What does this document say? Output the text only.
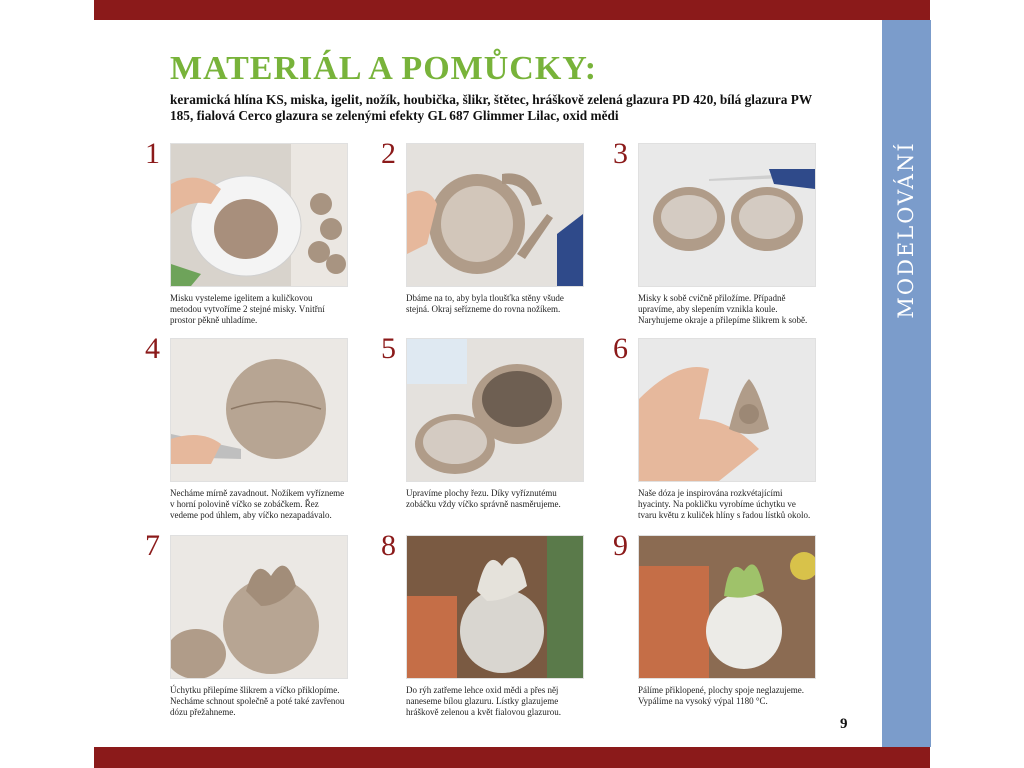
MODELOVÁNÍ
MATERIÁL A POMŮCKY:

keramická hlína KS, miska, igelit, nožík, houbička, šlikr, štětec, hráškově zelená glazura PD 420, bílá glazura PW 185, fialová Cerco glazura se zelenými efekty GL 687 Glimmer Lilac, oxid mědi

1
Misku vysteleme igelitem a kuličkovou metodou vytvoříme 2 stejné misky. Vnitřní prostor pěkně uhladíme.
2
Dbáme na to, aby byla tloušťka stěny všude stejná. Okraj seřízneme do rovna nožíkem.
3
Misky k sobě cvičně přiložíme. Případně upravíme, aby slepením vznikla koule. Naryhujeme okraje a přilepíme šlikrem k sobě.
4
Necháme mírně zavadnout. Nožíkem vyřízneme v horní polovině víčko se zobáčkem. Řez vedeme pod úhlem, aby víčko nezapadávalo.
5
Upravíme plochy řezu. Díky vyříznutému zobáčku vždy víčko správně nasměrujeme.
6
Naše dóza je inspirována rozkvétajícími hyacinty. Na pokličku vyrobíme úchytku ve tvaru květu z kuliček hlíny s řadou lístků okolo.
7
Úchytku přilepíme šlikrem a víčko přiklopíme. Necháme schnout společně a poté také zavřenou dózu přežahneme.
8
Do rýh zatřeme lehce oxid mědi a přes něj naneseme bílou glazuru. Lístky glazujeme hráškově zelenou a květ fialovou glazurou.
9
Pálíme přiklopené, plochy spoje neglazujeme. Vypálíme na vysoký výpal 1180 °C.
9
